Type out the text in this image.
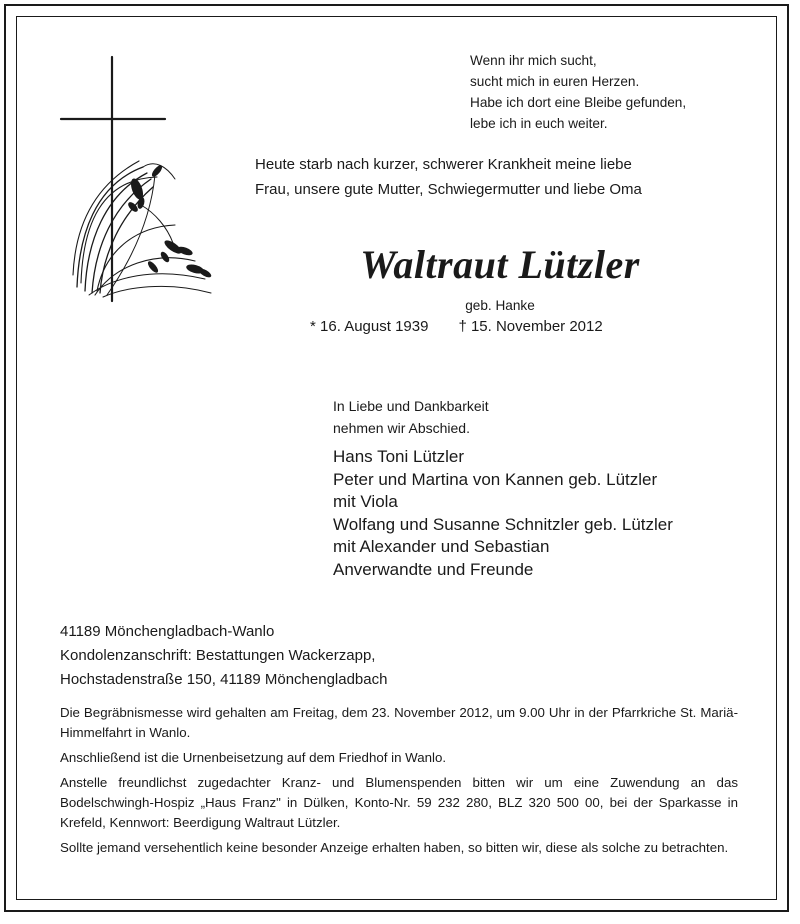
Wenn ihr mich sucht,
sucht mich in euren Herzen.
Habe ich dort eine Bleibe gefunden,
lebe ich in euch weiter.
Heute starb nach kurzer, schwerer Krankheit meine liebe
Frau, unsere gute Mutter, Schwiegermutter und liebe Oma
Waltraut Lützler
geb. Hanke
* 16. August 1939 † 15. November 2012
In Liebe und Dankbarkeit
nehmen wir Abschied.
Hans Toni Lützler
Peter und Martina von Kannen geb. Lützler
mit Viola
Wolfang und Susanne Schnitzler geb. Lützler
mit Alexander und Sebastian
Anverwandte und Freunde
41189 Mönchengladbach-Wanlo
Kondolenzanschrift: Bestattungen Wackerzapp,
Hochstadenstraße 150, 41189 Mönchengladbach

Die Begräbnismesse wird gehalten am Freitag, dem 23. November 2012, um 9.00 Uhr in der Pfarrkriche St. Mariä-Himmelfahrt in Wanlo.

Anschließend ist die Urnenbeisetzung auf dem Friedhof in Wanlo.

Anstelle freundlichst zugedachter Kranz- und Blumenspenden bitten wir um eine Zuwendung an das Bodelschwingh-Hospiz „Haus Franz" in Dülken, Konto-Nr. 59 232 280, BLZ 320 500 00, bei der Sparkasse in Krefeld, Kennwort: Beerdigung Waltraut Lützler.

Sollte jemand versehentlich keine besonder Anzeige erhalten haben, so bitten wir, diese als solche zu betrachten.
